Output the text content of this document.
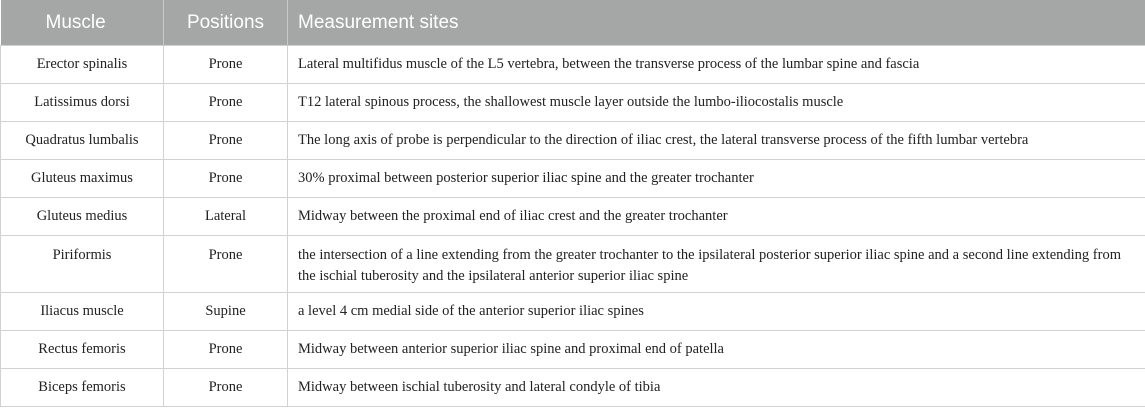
Muscle	Positions	Measurement sites
Erector spinalis	Prone	Lateral multifidus muscle of the L5 vertebra, between the transverse process of the lumbar spine and fascia
Latissimus dorsi	Prone	T12 lateral spinous process, the shallowest muscle layer outside the lumbo-iliocostalis muscle
Quadratus lumbalis	Prone	The long axis of probe is perpendicular to the direction of iliac crest, the lateral transverse process of the fifth lumbar vertebra
Gluteus maximus	Prone	30% proximal between posterior superior iliac spine and the greater trochanter
Gluteus medius	Lateral	Midway between the proximal end of iliac crest and the greater trochanter
Piriformis	Prone	the intersection of a line extending from the greater trochanter to the ipsilateral posterior superior iliac spine and a second line extending from the ischial tuberosity and the ipsilateral anterior superior iliac spine
Iliacus muscle	Supine	a level 4 cm medial side of the anterior superior iliac spines
Rectus femoris	Prone	Midway between anterior superior iliac spine and proximal end of patella
Biceps femoris	Prone	Midway between ischial tuberosity and lateral condyle of tibia
